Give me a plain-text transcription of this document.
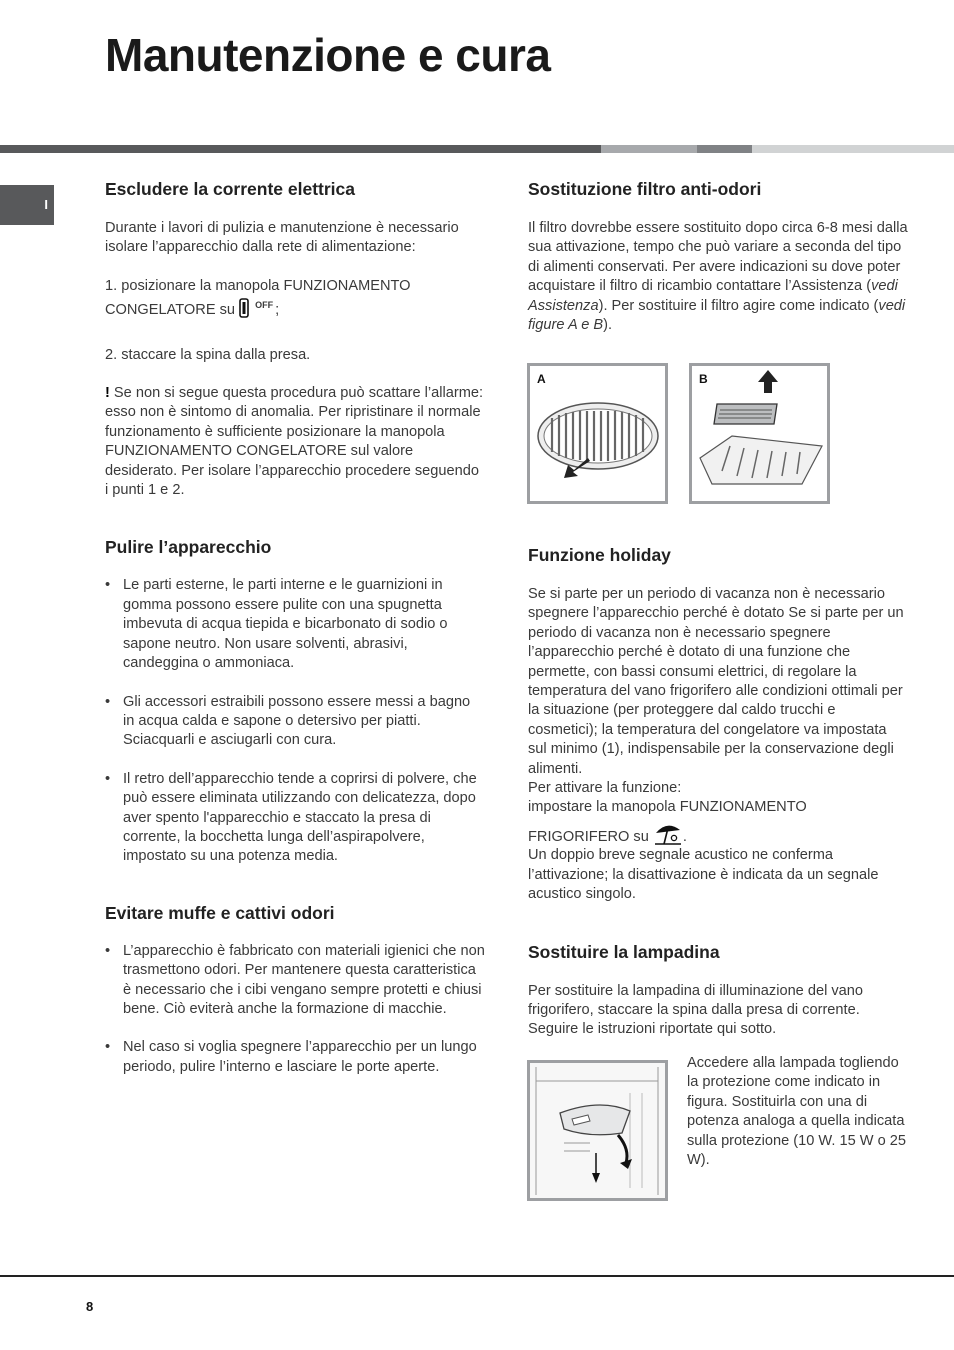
Manutenzione e cura
I
Escludere la corrente elettrica

Durante i lavori di pulizia e manutenzione è necessario isolare l’apparecchio dalla rete di alimentazione:

1. posizionare la manopola FUNZIONAMENTO CONGELATORE su $^{OFF}$ ;

2. staccare la spina dalla presa.

! Se non si segue questa procedura può scattare l’allarme: esso non è sintomo di anomalia. Per ripristinare il normale funzionamento è sufficiente posizionare la manopola FUNZIONAMENTO CONGELATORE sul valore desiderato. Per isolare l’apparecchio procedere seguendo i punti 1 e 2.

Pulire l’apparecchio
• Le parti esterne, le parti interne e le guarnizioni in gomma possono essere pulite con una spugnetta imbevuta di acqua tiepida e bicarbonato di sodio o sapone neutro. Non usare solventi, abrasivi, candeggina o ammoniaca.
• Gli accessori estraibili possono essere messi a bagno in acqua calda e sapone o detersivo per piatti. Sciacquarli e asciugarli con cura.
• Il retro dell’apparecchio tende a coprirsi di polvere, che può essere eliminata utilizzando con delicatezza, dopo aver spento l'apparecchio e staccato la presa di corrente, la bocchetta lunga dell’aspirapolvere, impostato su una potenza media.
Evitare muffe e cattivi odori
• L’apparecchio è fabbricato con materiali igienici che non trasmettono odori. Per mantenere questa caratteristica è necessario che i cibi vengano sempre protetti e chiusi bene. Ciò eviterà anche la formazione di macchie.
• Nel caso si voglia spegnere l’apparecchio per un lungo periodo, pulire l’interno e lasciare le porte aperte.
Sostituzione filtro anti-odori

Il filtro dovrebbe essere sostituito dopo circa 6-8 mesi dalla sua attivazione, tempo che può variare a seconda del tipo di alimenti conservati. Per avere indicazioni su dove poter acquistare il filtro di ricambio contattare l’Assistenza (vedi Assistenza). Per sostituire il filtro agire come indicato (vedi figure A e B).

A	B
Funzione holiday

Se si parte per un periodo di vacanza non è necessario spegnere l’apparecchio perché è dotato Se si parte per un periodo di vacanza non è necessario spegnere l’apparecchio perché è dotato di una funzione che permette, con bassi consumi elettrici, di regolare la temperatura del vano frigorifero alle condizioni ottimali per la situazione (per proteggere dal caldo trucchi e cosmetici); la temperatura del congelatore va impostata sul minimo (1), indispensabile per la conservazione degli alimenti.

Per attivare la funzione:

impostare la manopola FUNZIONAMENTO

FRIGORIFERO su .

Un doppio breve segnale acustico ne conferma l’attivazione; la disattivazione è indicata da un segnale acustico singolo.

Sostituire la lampadina

Per sostituire la lampadina di illuminazione del vano frigorifero, staccare la spina dalla presa di corrente. Seguire le istruzioni riportate qui sotto.

Accedere alla lampada togliendo la protezione come indicato in figura. Sostituirla con una di potenza analoga a quella indicata sulla protezione (10 W. 15 W o 25 W).
8
